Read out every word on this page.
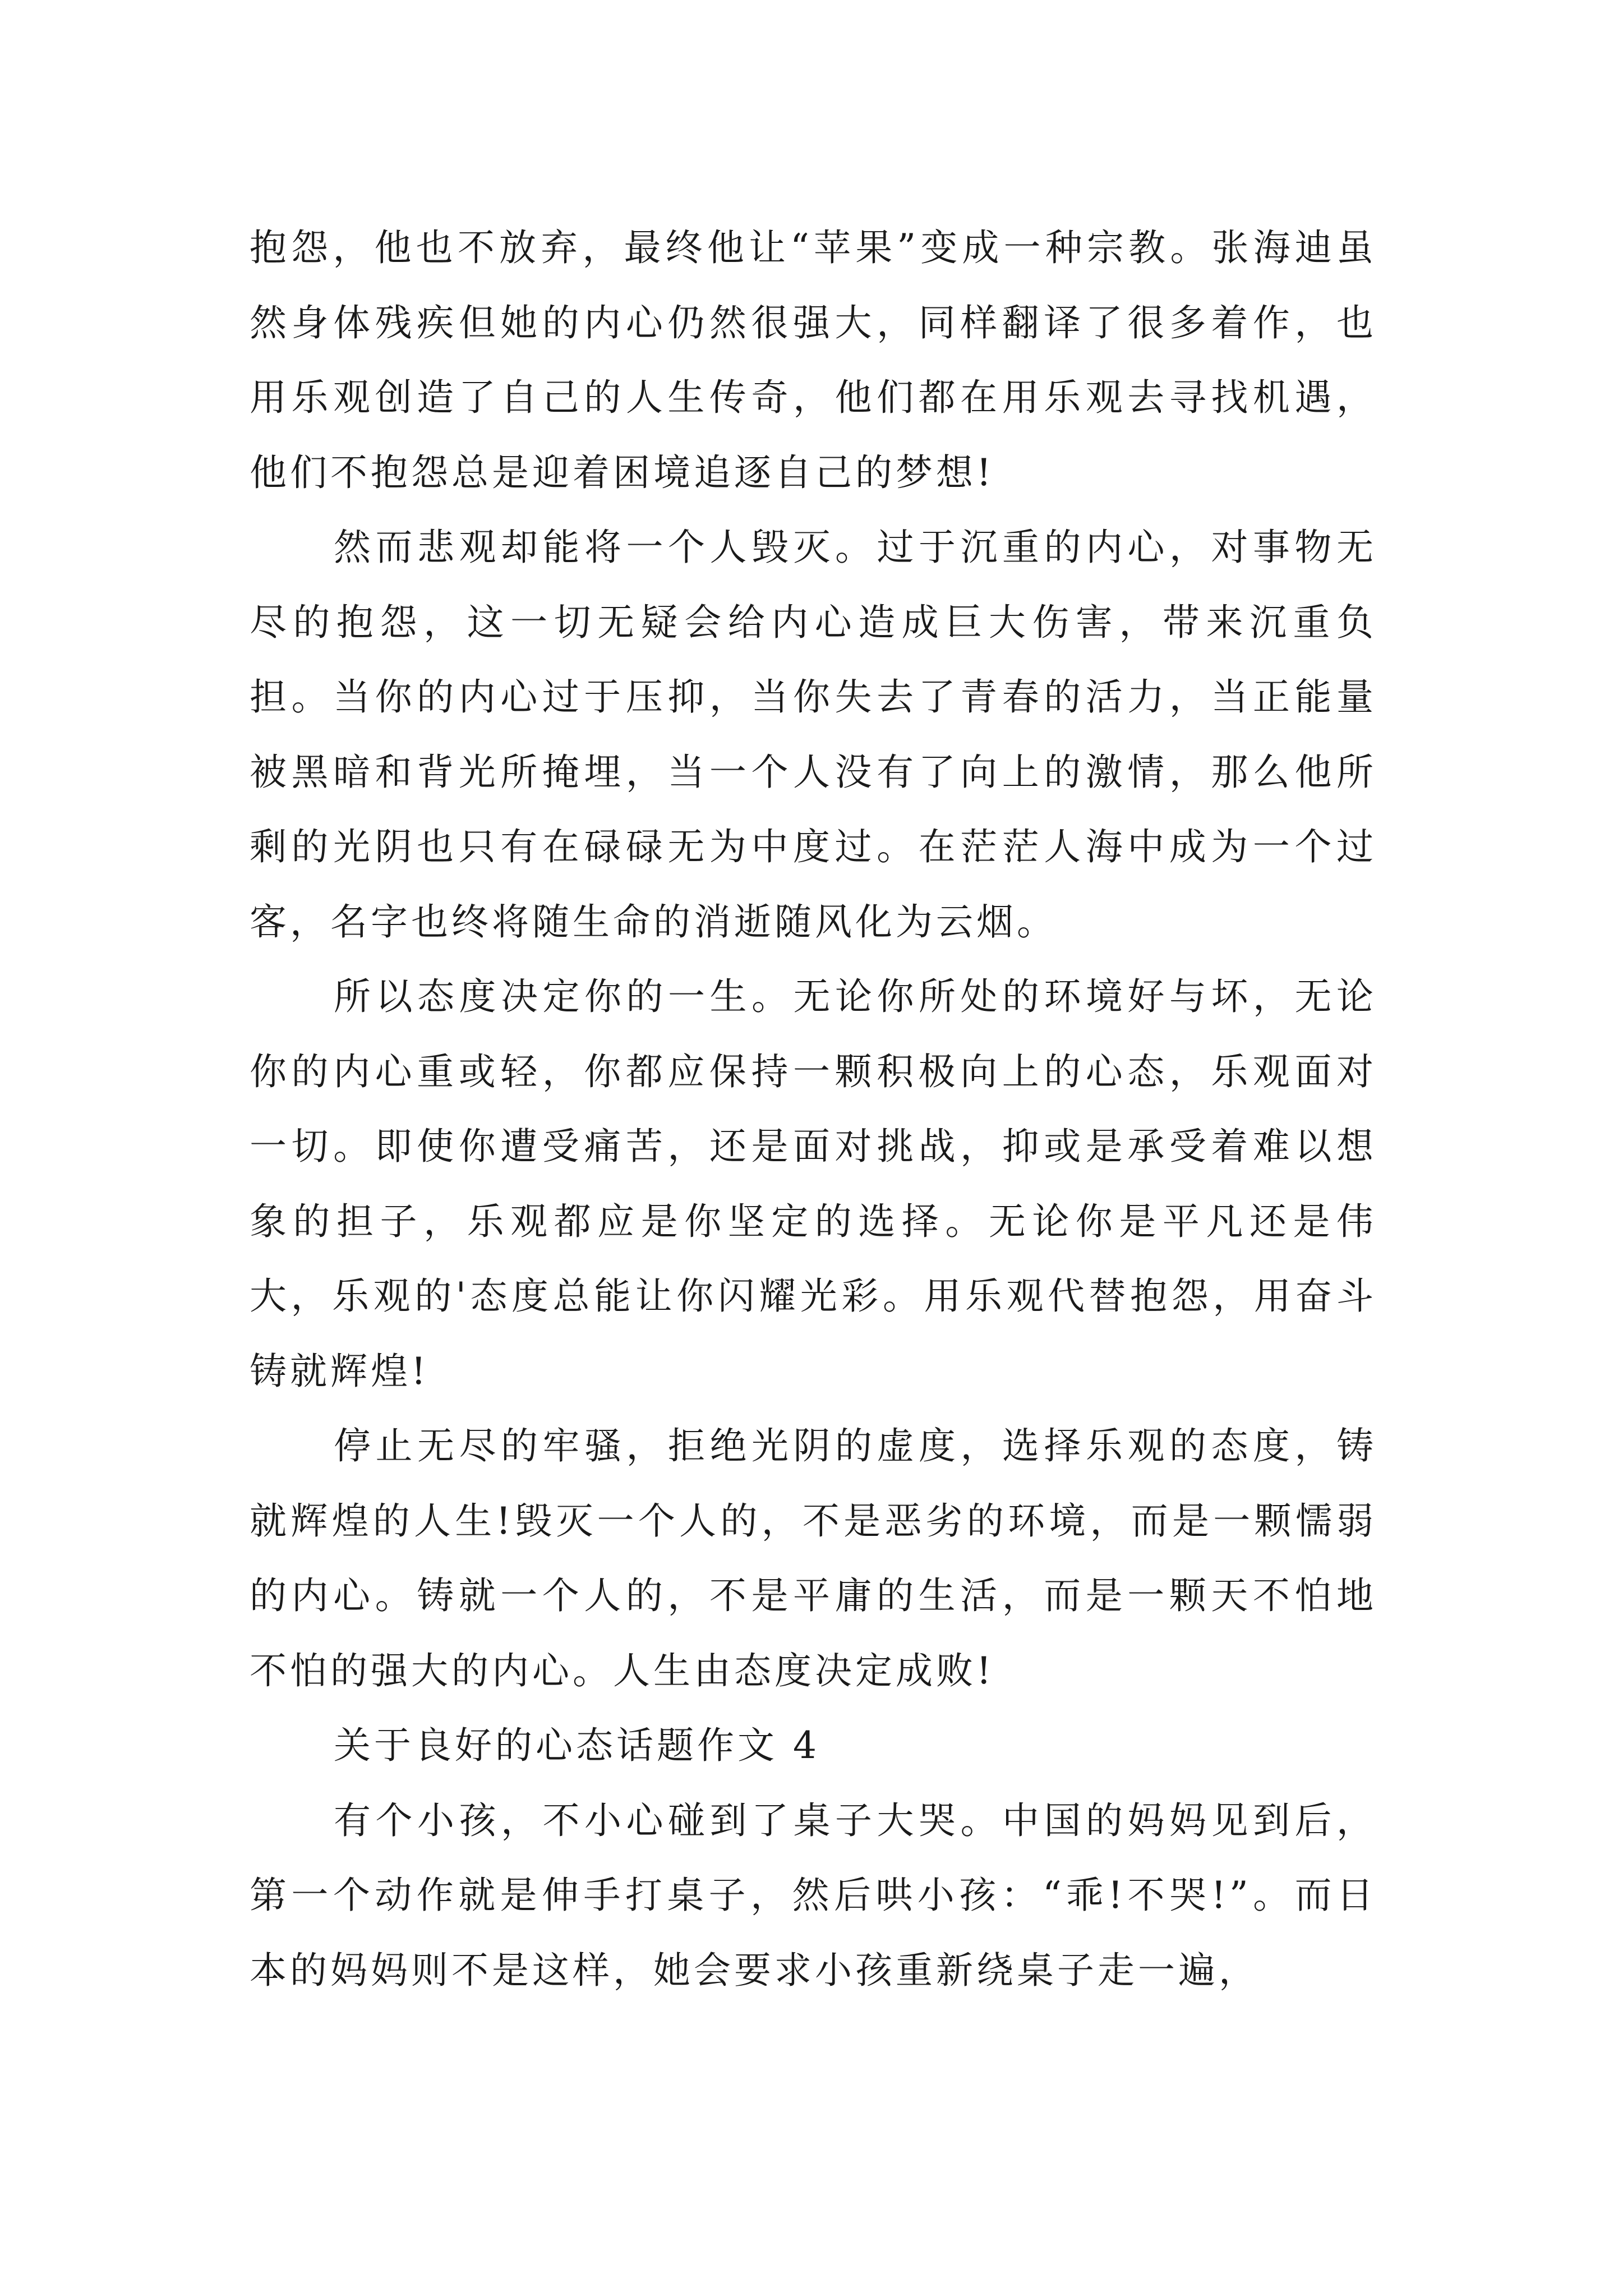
抱怨，他也不放弃，最终他让“苹果”变成一种宗教。张海迪虽然身体残疾但她的内心仍然很强大，同样翻译了很多着作，也用乐观创造了自己的人生传奇，他们都在用乐观去寻找机遇，他们不抱怨总是迎着困境追逐自己的梦想!

然而悲观却能将一个人毁灭。过于沉重的内心，对事物无尽的抱怨，这一切无疑会给内心造成巨大伤害，带来沉重负担。当你的内心过于压抑，当你失去了青春的活力，当正能量被黑暗和背光所掩埋，当一个人没有了向上的激情，那么他所剩的光阴也只有在碌碌无为中度过。在茫茫人海中成为一个过客，名字也终将随生命的消逝随风化为云烟。

所以态度决定你的一生。无论你所处的环境好与坏，无论你的内心重或轻，你都应保持一颗积极向上的心态，乐观面对一切。即使你遭受痛苦，还是面对挑战，抑或是承受着难以想象的担子，乐观都应是你坚定的选择。无论你是平凡还是伟大，乐观的'态度总能让你闪耀光彩。用乐观代替抱怨，用奋斗铸就辉煌!

停止无尽的牢骚，拒绝光阴的虚度，选择乐观的态度，铸就辉煌的人生!毁灭一个人的，不是恶劣的环境，而是一颗懦弱的内心。铸就一个人的，不是平庸的生活，而是一颗天不怕地不怕的强大的内心。人生由态度决定成败!

关于良好的心态话题作文 4

有个小孩，不小心碰到了桌子大哭。中国的妈妈见到后，第一个动作就是伸手打桌子，然后哄小孩：“乖!不哭!”。而日本的妈妈则不是这样，她会要求小孩重新绕桌子走一遍，
